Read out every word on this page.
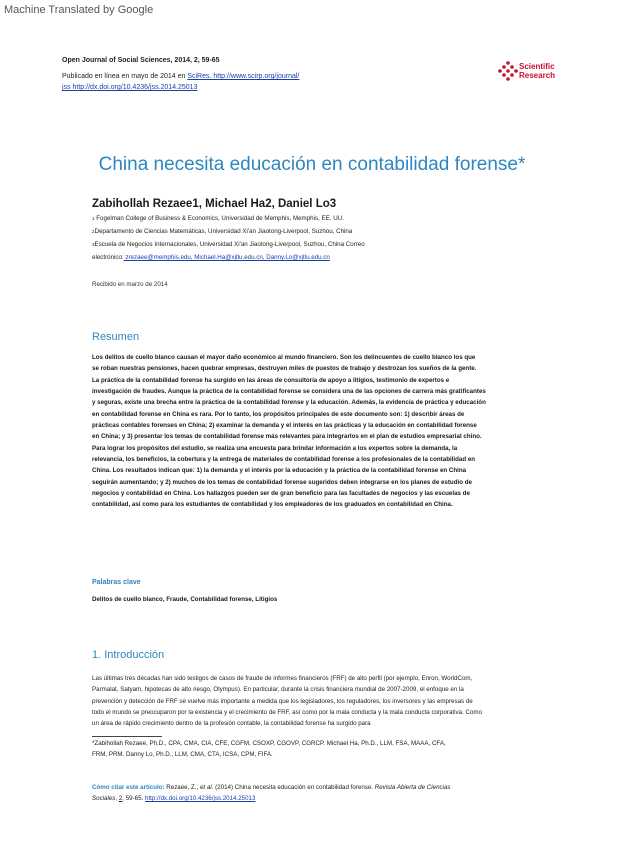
Machine Translated by Google
Open Journal of Social Sciences, 2014, 2, 59-65
Publicado en línea en mayo de 2014 en SciRes. http://www.scirp.org/journal/
jss http://dx.doi.org/10.4236/jss.2014.25013
Scientific
Research
China necesita educación en contabilidad forense*
Zabihollah Rezaee1, Michael Ha2, Daniel Lo3
$^1$ Fogelman College of Business & Economics, Universidad de Memphis, Memphis, EE. UU.
$^2$Departamento de Ciencias Matemáticas, Universidad Xi'an Jiaotong-Liverpool, Suzhou, China
$^3$Escuela de Negocios Internacionales, Universidad Xi'an Jiaotong-Liverpool, Suzhou, China Correo
electrónico: zrezaee@memphis.edu, Michael.Ha@xjtlu.edu.cn, Danny.Lo@xjtlu.edu.cn
Recibido en marzo de 2014
Resumen
Los delitos de cuello blanco causan el mayor daño económico al mundo financiero. Son los delincuentes de cuello blanco los que
se roban nuestras pensiones, hacen quebrar empresas, destruyen miles de puestos de trabajo y destrozan los sueños de la gente.
La práctica de la contabilidad forense ha surgido en las áreas de consultoría de apoyo a litigios, testimonio de expertos e
investigación de fraudes. Aunque la práctica de la contabilidad forense se considera una de las opciones de carrera más gratificantes
y seguras, existe una brecha entre la práctica de la contabilidad forense y la educación. Además, la evidencia de práctica y educación
en contabilidad forense en China es rara. Por lo tanto, los propósitos principales de este documento son: 1) describir áreas de
prácticas contables forenses en China; 2) examinar la demanda y el interés en las prácticas y la educación en contabilidad forense
en China; y 3) presentar los temas de contabilidad forense más relevantes para integrarlos en el plan de estudios empresarial chino.
Para lograr los propósitos del estudio, se realiza una encuesta para brindar información a los expertos sobre la demanda, la
relevancia, los beneficios, la cobertura y la entrega de materiales de contabilidad forense a los profesionales de la contabilidad en
China. Los resultados indican que: 1) la demanda y el interés por la educación y la práctica de la contabilidad forense en China
seguirán aumentando; y 2) muchos de los temas de contabilidad forense sugeridos deben integrarse en los planes de estudio de
negocios y contabilidad en China. Los hallazgos pueden ser de gran beneficio para las facultades de negocios y las escuelas de
contabilidad, así como para los estudiantes de contabilidad y los empleadores de los graduados en contabilidad en China.
Palabras clave
Delitos de cuello blanco, Fraude, Contabilidad forense, Litigios
1. Introducción
Las últimas tres décadas han sido testigos de casos de fraude de informes financieros (FRF) de alto perfil (por ejemplo, Enron, WorldCom,
Parmalat, Satyam, hipotecas de alto riesgo, Olympus). En particular, durante la crisis financiera mundial de 2007-2009, el enfoque en la
prevención y detección de FRF se vuelve más importante a medida que los legisladores, los reguladores, los inversores y las empresas de
todo el mundo se preocuparon por la existencia y el crecimiento de FRF, así como por la mala conducta y la mala conducta corporativa. Como
un área de rápido crecimiento dentro de la profesión contable, la contabilidad forense ha surgido para
*Zabihollah Rezaee, Ph.D., CPA, CMA, CIA, CFE, CGFM, CSOXP, CGOVP, CGRCP. Michael Ha, Ph.D., LLM, FSA, MAAA, CFA,
FRM, PRM. Danny Lo, Ph.D., LLM, CMA, CTA, ICSA, CPM, FIFA.
Cómo citar este artículo: Rezaee, Z., et al. (2014) China necesita educación en contabilidad forense. Revista Abierta de Ciencias
Sociales, 2, 59-65. http://dx.doi.org/10.4236/jss.2014.25013
